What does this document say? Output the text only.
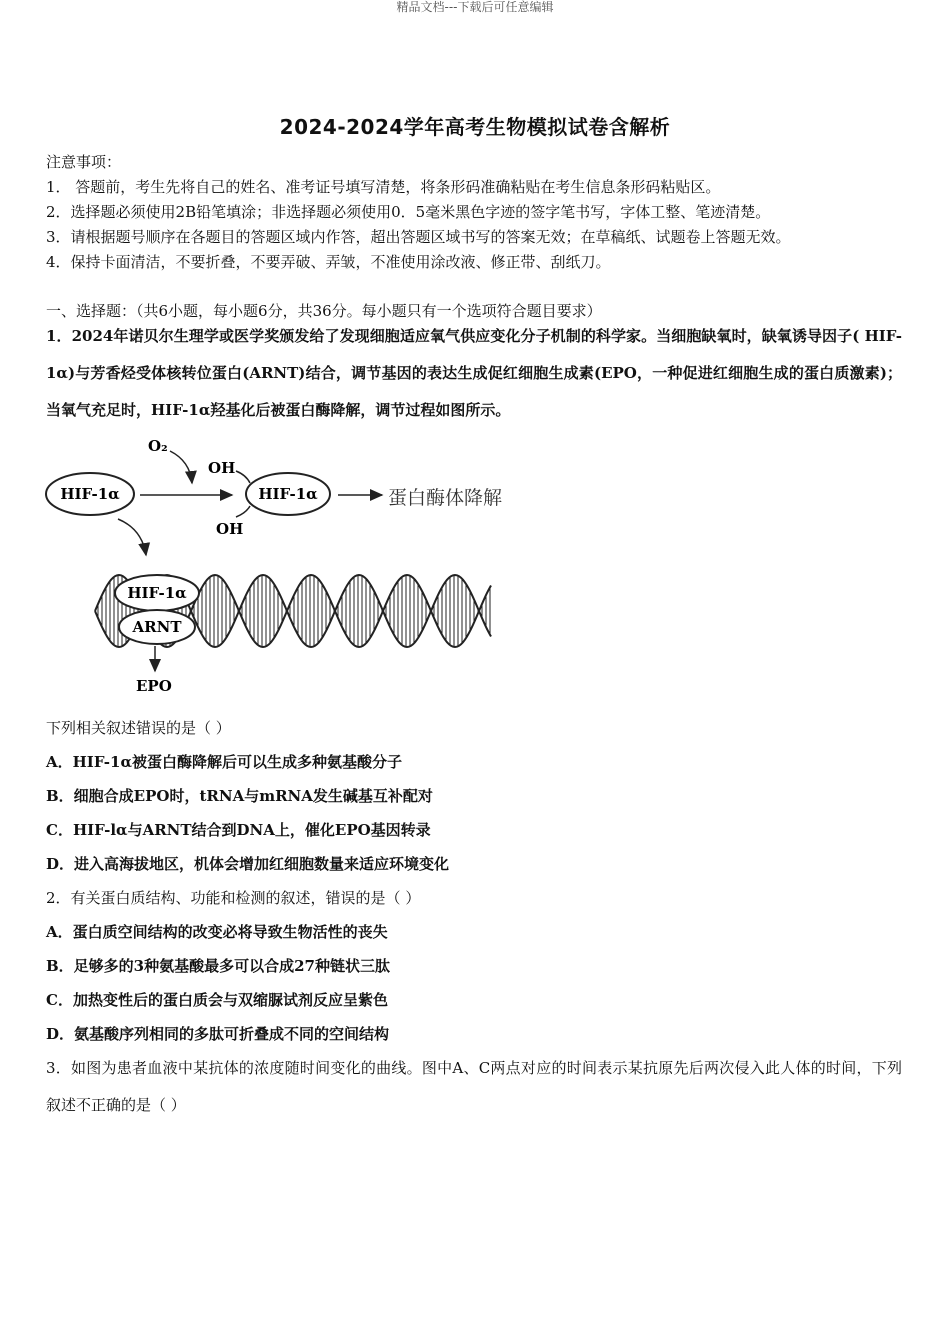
精品文档---下载后可任意编辑
2024-2024学年高考生物模拟试卷含解析
注意事项：
1． 答题前，考生先将自己的姓名、准考证号填写清楚，将条形码准确粘贴在考生信息条形码粘贴区。
2．选择题必须使用2B铅笔填涂；非选择题必须使用0．5毫米黑色字迹的签字笔书写，字体工整、笔迹清楚。
3．请根据题号顺序在各题目的答题区域内作答，超出答题区域书写的答案无效；在草稿纸、试题卷上答题无效。
4．保持卡面清洁，不要折叠，不要弄破、弄皱，不准使用涂改液、修正带、刮纸刀。
一、选择题：（共6小题，每小题6分，共36分。每小题只有一个选项符合题目要求）
1．2024年诺贝尔生理学或医学奖颁发给了发现细胞适应氧气供应变化分子机制的科学家。当细胞缺氧时，缺氧诱导因子( HIF-1α)与芳香烃受体核转位蛋白(ARNT)结合，调节基因的表达生成促红细胞生成素(EPO，一种促进红细胞生成的蛋白质激素)；当氧气充足时，HIF-1α羟基化后被蛋白酶降解，调节过程如图所示。
O₂
HIF-1α
OH
HIF-1α
OH
蛋白酶体降解
HIF-1α
ARNT
EPO
下列相关叙述错误的是（ ）
A．HIF-1α被蛋白酶降解后可以生成多种氨基酸分子
B．细胞合成EPO时，tRNA与mRNA发生碱基互补配对
C．HIF-lα与ARNT结合到DNA上，催化EPO基因转录
D．进入高海拔地区，机体会增加红细胞数量来适应环境变化
2．有关蛋白质结构、功能和检测的叙述，错误的是（ ）
A．蛋白质空间结构的改变必将导致生物活性的丧失
B．足够多的3种氨基酸最多可以合成27种链状三肽
C．加热变性后的蛋白质会与双缩脲试剂反应呈紫色
D．氨基酸序列相同的多肽可折叠成不同的空间结构
3．如图为患者血液中某抗体的浓度随时间变化的曲线。图中A、C两点对应的时间表示某抗原先后两次侵入此人体的时间，下列叙述不正确的是（ ）
